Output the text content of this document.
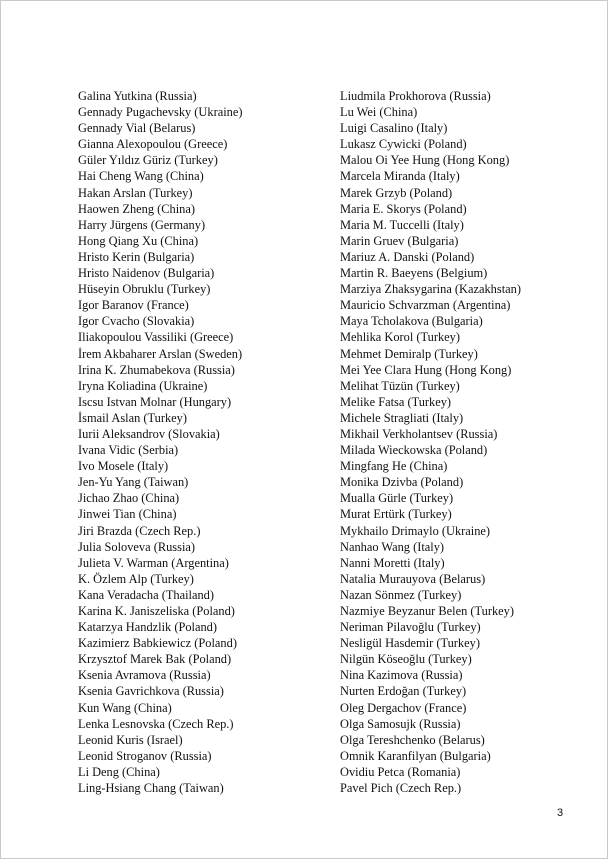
Galina Yutkina (Russia)
Gennady Pugachevsky (Ukraine)
Gennady Vial (Belarus)
Gianna Alexopoulou (Greece)
Güler Yıldız Güriz (Turkey)
Hai Cheng Wang (China)
Hakan Arslan (Turkey)
Haowen Zheng (China)
Harry Jürgens (Germany)
Hong Qiang Xu (China)
Hristo Kerin (Bulgaria)
Hristo Naidenov (Bulgaria)
Hüseyin Obruklu (Turkey)
Igor Baranov (France)
Igor Cvacho (Slovakia)
Iliakopoulou Vassiliki (Greece)
İrem Akbaharer Arslan (Sweden)
Irina K. Zhumabekova (Russia)
Iryna Koliadina (Ukraine)
Iscsu Istvan Molnar (Hungary)
İsmail Aslan (Turkey)
Iurii Aleksandrov (Slovakia)
Ivana Vidic (Serbia)
Ivo Mosele (Italy)
Jen-Yu Yang (Taiwan)
Jichao Zhao (China)
Jinwei Tian (China)
Jiri Brazda (Czech Rep.)
Julia Soloveva (Russia)
Julieta V. Warman (Argentina)
K. Özlem Alp (Turkey)
Kana Veradacha (Thailand)
Karina K. Janiszeliska (Poland)
Katarzya Handzlik (Poland)
Kazimierz Babkiewicz (Poland)
Krzysztof Marek Bak (Poland)
Ksenia Avramova (Russia)
Ksenia Gavrichkova (Russia)
Kun Wang (China)
Lenka Lesnovska (Czech Rep.)
Leonid Kuris (Israel)
Leonid Stroganov (Russia)
Li Deng (China)
Ling-Hsiang Chang (Taiwan)
Liudmila Prokhorova (Russia)
Lu Wei (China)
Luigi Casalino (Italy)
Lukasz Cywicki (Poland)
Malou Oi Yee Hung (Hong Kong)
Marcela Miranda (Italy)
Marek Grzyb (Poland)
Maria E. Skorys (Poland)
Maria M. Tuccelli (Italy)
Marin Gruev (Bulgaria)
Mariuz A. Danski (Poland)
Martin R. Baeyens (Belgium)
Marziya Zhaksygarina (Kazakhstan)
Mauricio Schvarzman (Argentina)
Maya Tcholakova (Bulgaria)
Mehlika Korol (Turkey)
Mehmet Demiralp (Turkey)
Mei Yee Clara Hung (Hong Kong)
Melihat Tüzün (Turkey)
Melike Fatsa (Turkey)
Michele Stragliati (Italy)
Mikhail Verkholantsev (Russia)
Milada Wieckowska (Poland)
Mingfang He (China)
Monika Dzivba (Poland)
Mualla Gürle (Turkey)
Murat Ertürk (Turkey)
Mykhailo Drimaylo (Ukraine)
Nanhao Wang (Italy)
Nanni Moretti (Italy)
Natalia Murauyova (Belarus)
Nazan Sönmez (Turkey)
Nazmiye Beyzanur Belen (Turkey)
Neriman Pilavoğlu (Turkey)
Nesligül Hasdemir (Turkey)
Nilgün Köseoğlu (Turkey)
Nina Kazimova (Russia)
Nurten Erdoğan (Turkey)
Oleg Dergachov (France)
Olga Samosujk (Russia)
Olga Tereshchenko (Belarus)
Omnik Karanfilyan (Bulgaria)
Ovidiu Petca (Romania)
Pavel Pich (Czech Rep.)
3
